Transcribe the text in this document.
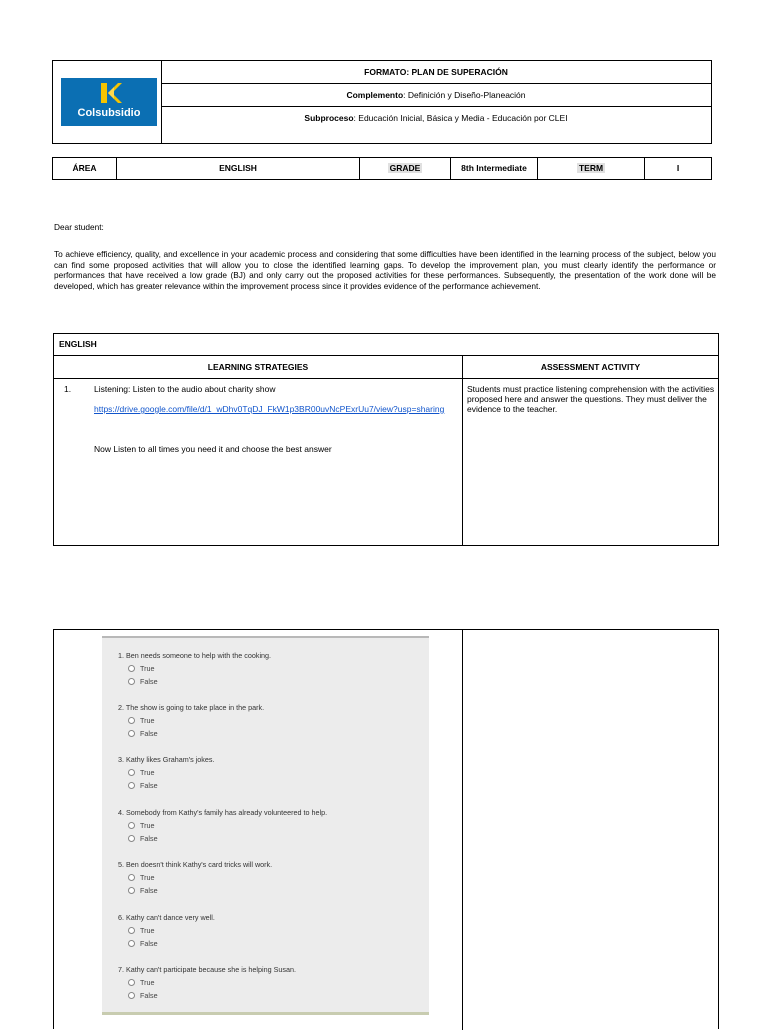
Colsubsidio
FORMATO: PLAN DE SUPERACIÓN
Complemento: Definición y Diseño-Planeación
Subproceso: Educación Inicial, Básica y Media - Educación por CLEI
ÁREA	ENGLISH	GRADE	8th Intermediate	TERM	I
Dear student:
To achieve efficiency, quality, and excellence in your academic process and considering that some difficulties have been identified in the learning process of the subject, below you can find some proposed activities that will allow you to close the identified learning gaps. To develop the improvement plan, you must clearly identify the performance or performances that have received a low grade (BJ) and only carry out the proposed activities for these performances. Subsequently, the presentation of the work done will be developed, which has greater relevance within the improvement process since it provides evidence of the performance achievement.
ENGLISH
LEARNING STRATEGIES	ASSESSMENT ACTIVITY
1.	Listening: Listen to the audio about charity show
https://drive.google.com/file/d/1_wDhv0TqDJ_FkW1p3BR00uvNcPExrUu7/view?usp=sharing
Now Listen to all times you need it and choose the best answer
Students must practice listening comprehension with the activities proposed here and answer the questions. They must deliver the evidence to the teacher.
1. Ben needs someone to help with the cooking.
True
False
2. The show is going to take place in the park.
True
False
3. Kathy likes Graham's jokes.
True
False
4. Somebody from Kathy's family has already volunteered to help.
True
False
5. Ben doesn't think Kathy's card tricks will work.
True
False
6. Kathy can't dance very well.
True
False
7. Kathy can't participate because she is helping Susan.
True
False
